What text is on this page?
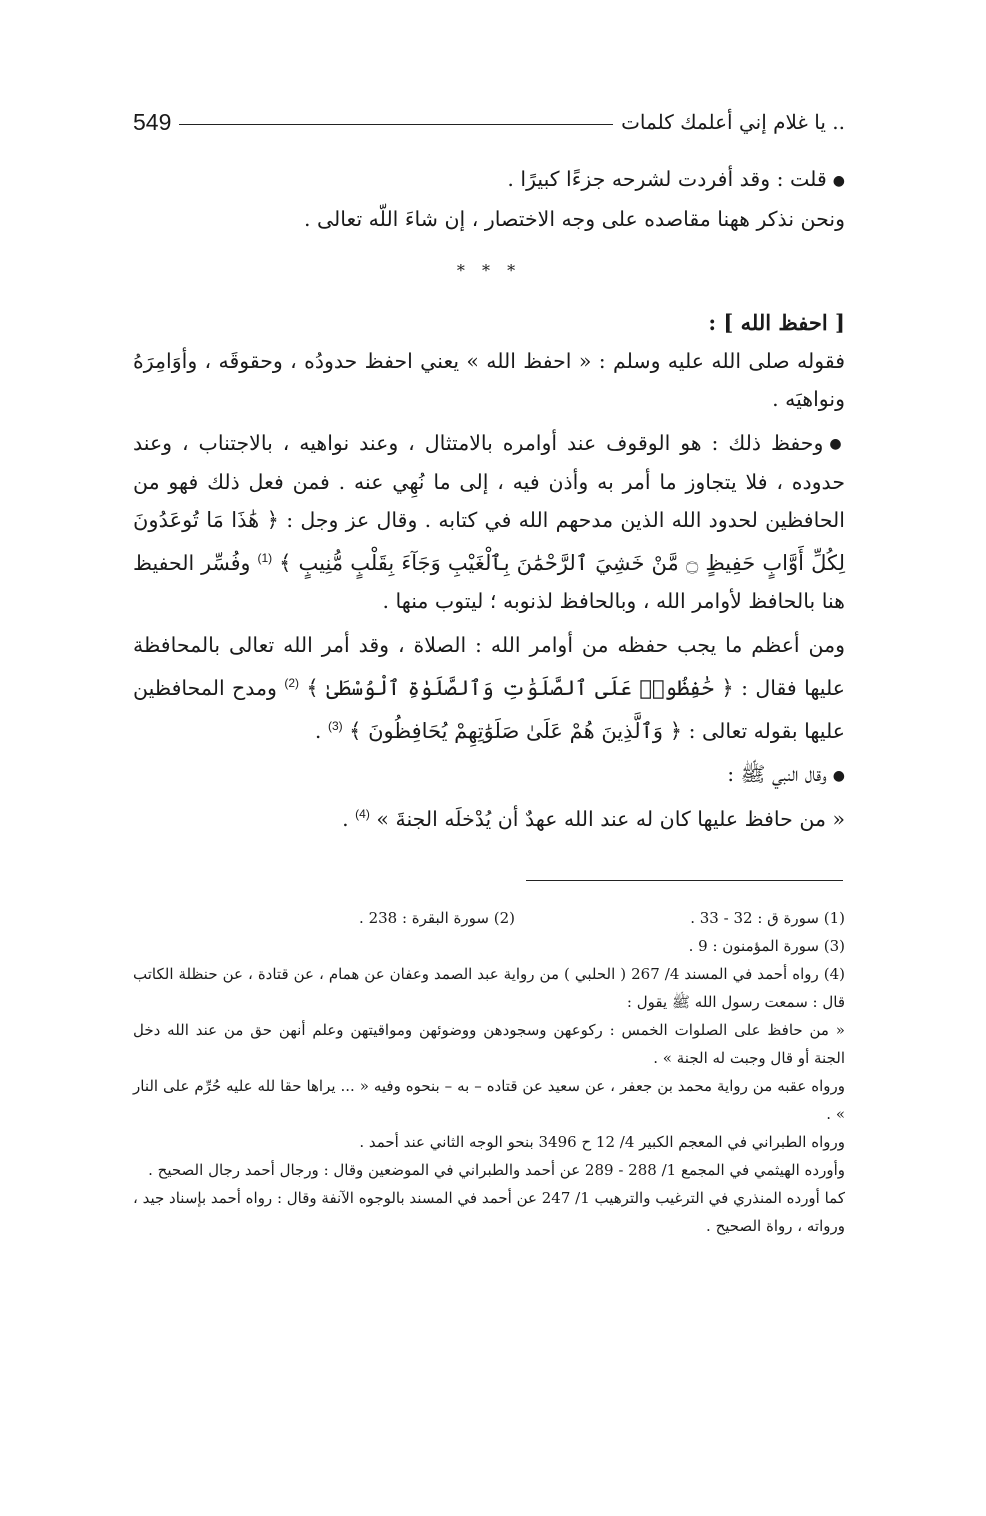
يا غلام إني أعلمك كلمات ..
549

●قلت : وقد أفردت لشرحه جزءًا كبيرًا .

ونحن نذكر ههنا مقاصده على وجه الاختصار ، إن شاءَ اللّه تعالى .

* * *

[ احفظ الله ] :

فقوله صلى الله عليه وسلم : « احفظ الله » يعني احفظ حدودُه ، وحقوقَه ، وأوَامِرَهُ ونواهيَه .

●وحفظ ذلك : هو الوقوف عند أوامره بالامتثال ، وعند نواهيه ، بالاجتناب ، وعند حدوده ، فلا يتجاوز ما أمر به وأذن فيه ، إلى ما نُهِي عنه . فمن فعل ذلك فهو من الحافظين لحدود الله الذين مدحهم الله في كتابه . وقال عز وجل : ﴿ هَٰذَا مَا تُوعَدُونَ لِكُلِّ أَوَّابٍ حَفِيظٍ ۝ مَّنْ خَشِيَ ٱلرَّحْمَٰنَ بِٱلْغَيْبِ وَجَآءَ بِقَلْبٍ مُّنِيبٍ ﴾ $^{(1)}$ وفُسِّر الحفيظ هنا بالحافظ لأوامر الله ، وبالحافظ لذنوبه ؛ ليتوب منها .

ومن أعظم ما يجب حفظه من أوامر الله : الصلاة ، وقد أمر الله تعالى بالمحافظة عليها فقال : ﴿ حَٰفِظُوا۟ عَلَى ٱلصَّلَوَٰتِ وَٱلصَّلَوٰةِ ٱلْوُسْطَىٰ ﴾ $^{(2)}$ ومدح المحافظين عليها بقوله تعالى : ﴿ وَٱلَّذِينَ هُمْ عَلَىٰ صَلَوَٰتِهِمْ يُحَافِظُونَ ﴾ $^{(3)}$ .

●وقال النبي ﷺ :

« من حافظ عليها كان له عند الله عهدٌ أن يُدْخلَه الجنةَ » $^{(4)}$ .

(1) سورة ق : 32 - 33 .
(2) سورة البقرة : 238 .

(3) سورة المؤمنون : 9 .

(4) رواه أحمد في المسند 4/ 267 ( الحلبي ) من رواية عبد الصمد وعفان عن همام ، عن قتادة ، عن حنظلة الكاتب قال : سمعت رسول الله ﷺ يقول :

« من حافظ على الصلوات الخمس : ركوعهن وسجودهن ووضوئهن ومواقيتهن وعلم أنهن حق من عند الله دخل الجنة أو قال وجبت له الجنة » .

ورواه عقبه من رواية محمد بن جعفر ، عن سعيد عن قتاده – به – بنحوه وفيه « ... يراها حقا لله عليه حُرِّم على النار » .

ورواه الطبراني في المعجم الكبير 4/ 12 ح 3496 بنحو الوجه الثاني عند أحمد .

وأورده الهيثمي في المجمع 1/ 288 - 289 عن أحمد والطبراني في الموضعين وقال : ورجال أحمد رجال الصحيح .

كما أورده المنذري في الترغيب والترهيب 1/ 247 عن أحمد في المسند بالوجوه الآنفة وقال : رواه أحمد بإسناد جيد ، ورواته ، رواة الصحيح .
